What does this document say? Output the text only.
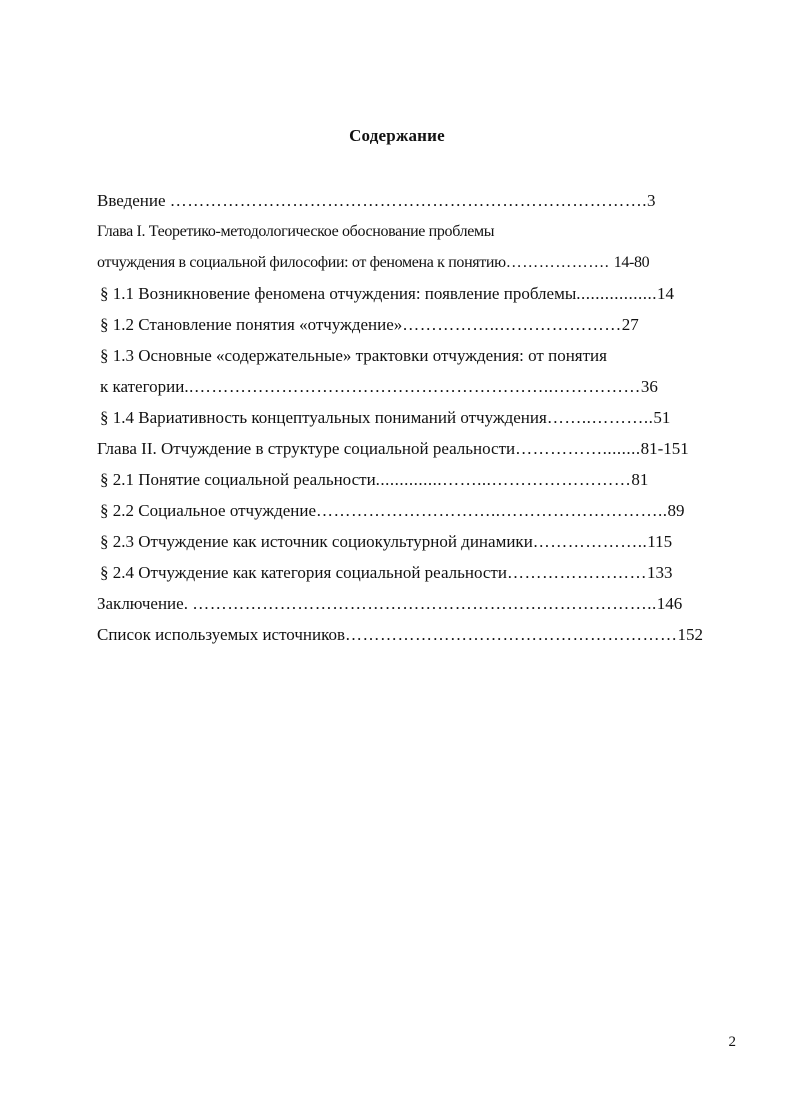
Содержание
Введение ……………………………………………………………………….3
Глава I. Теоретико-методологическое обоснование проблемы
отчуждения в социальной философии: от феномена к понятию………………. 14-80
§ 1.1 Возникновение феномена отчуждения: появление проблемы.................14
§ 1.2 Становление понятия «отчуждение»……………..…………………27
§ 1.3 Основные «содержательные» трактовки отчуждения: от понятия
к категории..……………………………………………………..……………36
§ 1.4 Вариативность концептуальных пониманий отчуждения……..………..51
Глава II. Отчуждение в структуре социальной реальности……………........81-151
§ 2.1 Понятие социальной реальности..............……...……………………81
§ 2.2 Социальное отчуждение…………………………..………………………..89
§ 2.3 Отчуждение как источник социокультурной динамики………………..115
§ 2.4 Отчуждение как категория социальной реальности……………………133
Заключение. ……………………………………………………………………..146
Список используемых источников…………………………………………………152
2
